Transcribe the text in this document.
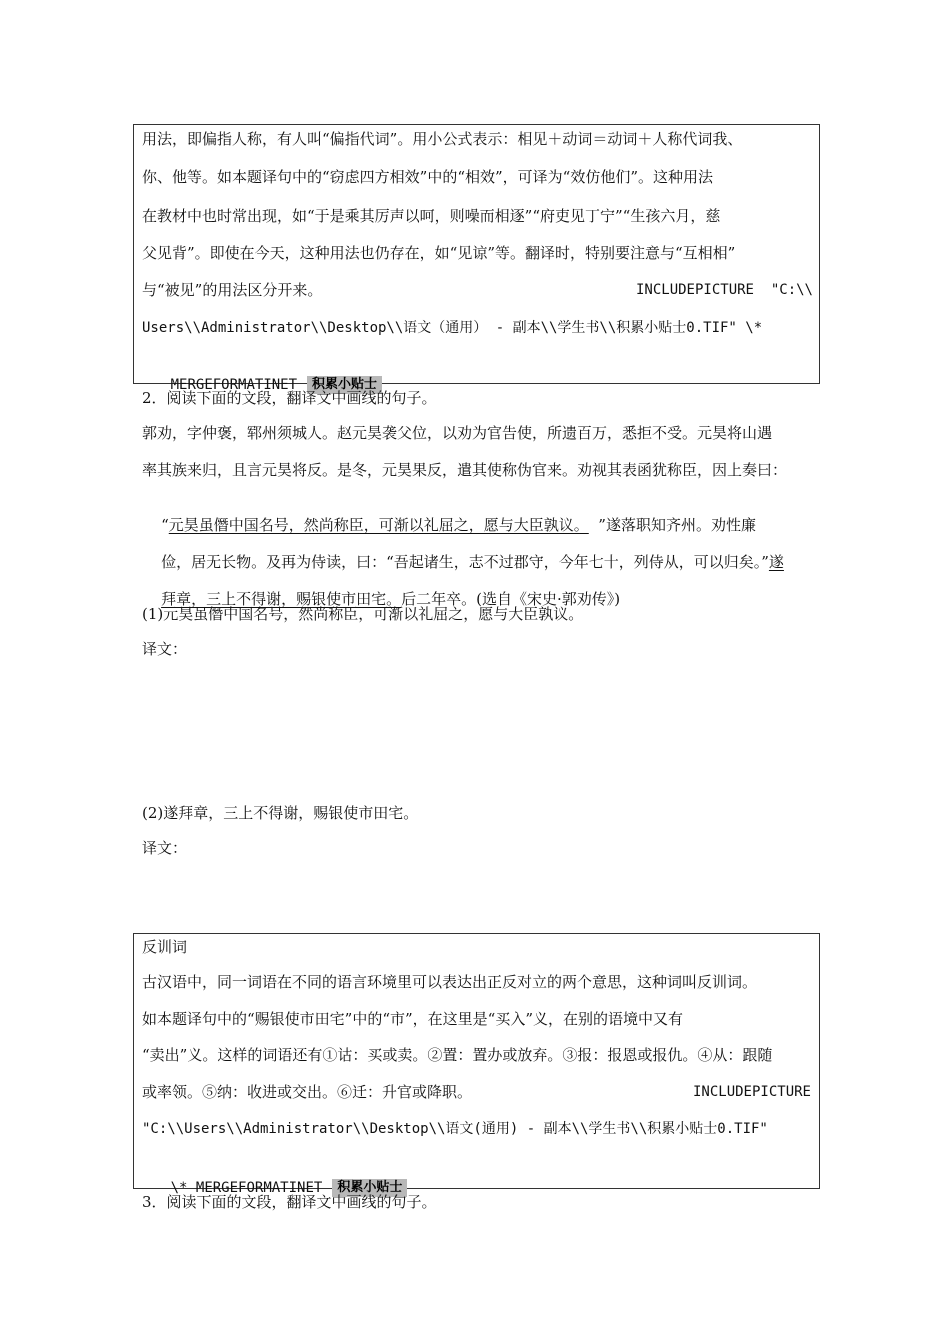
用法，即偏指人称，有人叫“偏指代词”。用小公式表示：相见＋动词＝动词＋人称代词我、
你、他等。如本题译句中的“窃虑四方相效”中的“相效”，可译为“效仿他们”。这种用法
在教材中也时常出现，如“于是乘其厉声以呵，则噪而相逐”“府吏见丁宁”“生孩六月，慈
父见背”。即使在今天，这种用法也仍存在，如“见谅”等。翻译时，特别要注意与“互相相”
与“被见”的用法区分开来。	INCLUDEPICTURE  "C:\\
Users\\Administrator\\Desktop\\语文（通用） - 副本\\学生书\\积累小贴士0.TIF" \*

MERGEFORMATINET 积累小贴士

2．阅读下面的文段，翻译文中画线的句子。
郭劝，字仲褒，郓州须城人。赵元昊袭父位，以劝为官告使，所遗百万，悉拒不受。元昊将山遇
率其族来归，且言元昊将反。是冬，元昊果反，遣其使称伪官来。劝视其表函犹称臣，因上奏曰：

“元昊虽僭中国名号，然尚称臣，可渐以礼屈之，愿与大臣孰议。  ”遂落职知齐州。劝性廉

俭，居无长物。及再为侍读，曰：“吾起诸生，志不过郡守，今年七十，列侍从，可以归矣。”遂

拜章，三上不得谢，赐银使市田宅。后二年卒。(选自《宋史·郭劝传》)

(1)元昊虽僭中国名号，然尚称臣，可渐以礼屈之，愿与大臣孰议。
译文：
(2)遂拜章，三上不得谢，赐银使市田宅。
译文：
反训词
古汉语中，同一词语在不同的语言环境里可以表达出正反对立的两个意思，这种词叫反训词。
如本题译句中的“赐银使市田宅”中的“市”，在这里是“买入”义，在别的语境中又有
“卖出”义。这样的词语还有①诂：买或卖。②置：置办或放弃。③报：报恩或报仇。④从：跟随
或率领。⑤纳：收进或交出。⑥迁：升官或降职。	INCLUDEPICTURE
"C:\\Users\\Administrator\\Desktop\\语文(通用) - 副本\\学生书\\积累小贴士0.TIF"

\* MERGEFORMATINET 积累小贴士

3．阅读下面的文段，翻译文中画线的句子。
